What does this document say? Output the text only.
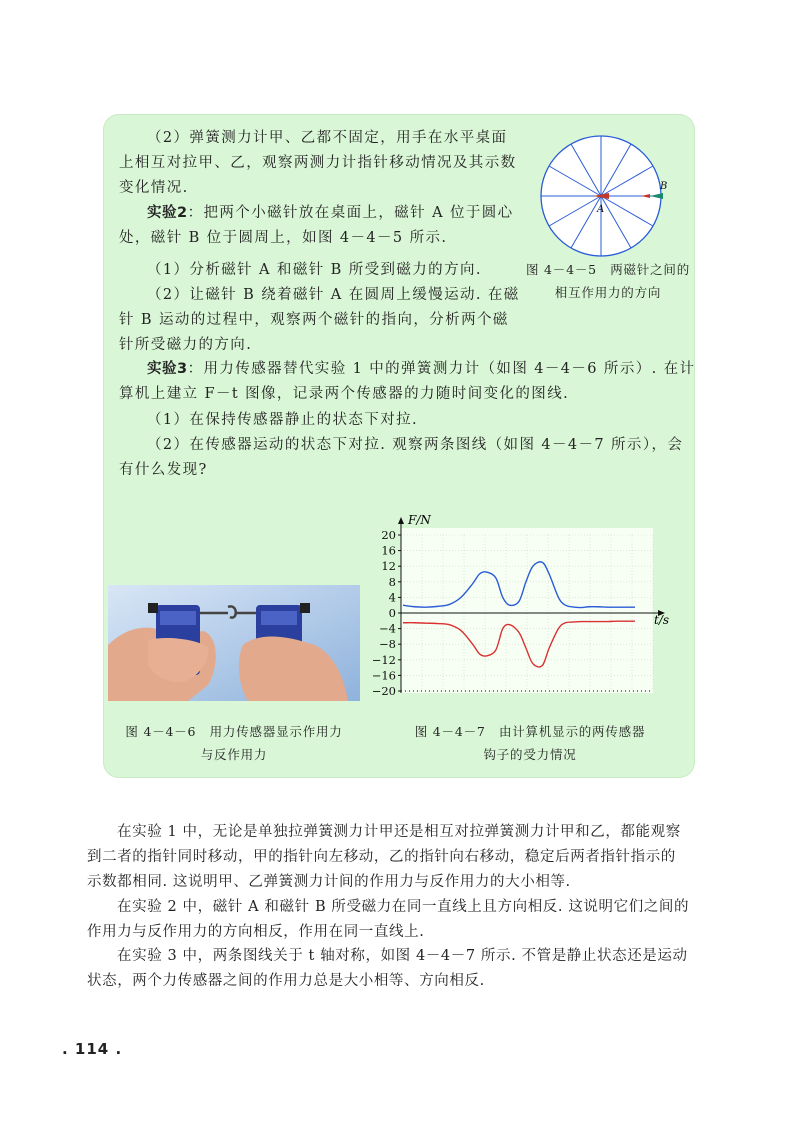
（2）弹簧测力计甲、乙都不固定，用手在水平桌面
上相互对拉甲、乙，观察两测力计指针移动情况及其示数
变化情况.
实验2：把两个小磁针放在桌面上，磁针 A 位于圆心
处，磁针 B 位于圆周上，如图 4－4－5 所示.
（1）分析磁针 A 和磁针 B 所受到磁力的方向.
（2）让磁针 B 绕着磁针 A 在圆周上缓慢运动. 在磁
针 B 运动的过程中，观察两个磁针的指向，分析两个磁
针所受磁力的方向.
实验3：用力传感器替代实验 1 中的弹簧测力计（如图 4－4－6 所示）. 在计
算机上建立 F－t 图像，记录两个传感器的力随时间变化的图线.
（1）在保持传感器静止的状态下对拉.
（2）在传感器运动的状态下对拉. 观察两条图线（如图 4－4－7 所示），会
有什么发现?
A
B
图 4－4－5　两磁针之间的
相互作用力的方向
图 4－4－6　用力传感器显示作用力
与反作用力
20
16
12
8
4
0
−4
−8
−12
−16
−20
F/N
t/s
图 4－4－7　由计算机显示的两传感器
钩子的受力情况
在实验 1 中，无论是单独拉弹簧测力计甲还是相互对拉弹簧测力计甲和乙，都能观察
到二者的指针同时移动，甲的指针向左移动，乙的指针向右移动，稳定后两者指针指示的
示数都相同. 这说明甲、乙弹簧测力计间的作用力与反作用力的大小相等.
在实验 2 中，磁针 A 和磁针 B 所受磁力在同一直线上且方向相反. 这说明它们之间的
作用力与反作用力的方向相反，作用在同一直线上.
在实验 3 中，两条图线关于 t 轴对称，如图 4－4－7 所示. 不管是静止状态还是运动
状态，两个力传感器之间的作用力总是大小相等、方向相反.
. 114 .
